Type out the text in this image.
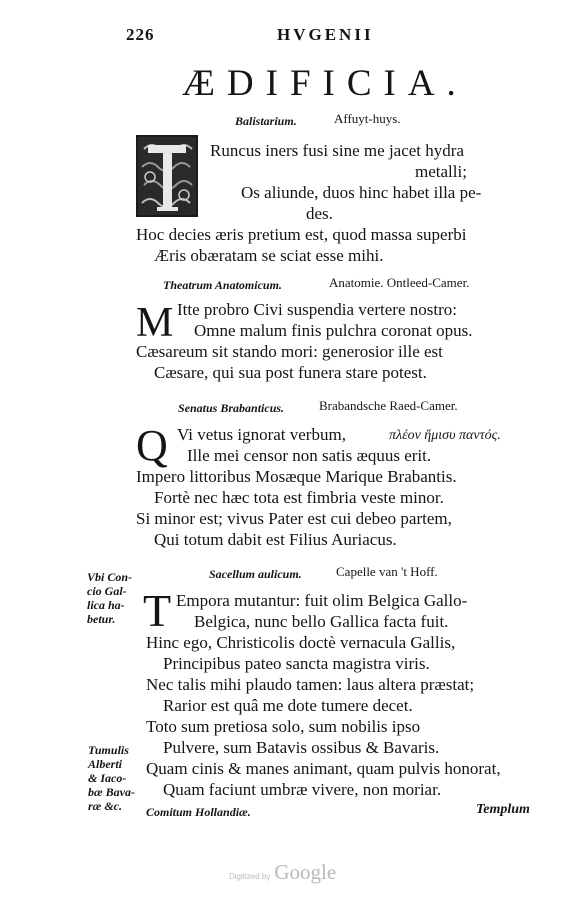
226	HVGENII
ÆDIFICIA.
Balistarium.	Affuyt-huys.
Runcus iners fusi sine me jacet hydra
metalli;
Os aliunde, duos hinc habet illa pe-
des.
Hoc decies æris pretium est, quod massa superbi
Æris obæratam se sciat esse mihi.
Theatrum Anatomicum.	Anatomie. Ontleed-Camer.
M Itte probro Civi suspendia vertere nostro:
Omne malum finis pulchra coronat opus.
Cæsareum sit stando mori: generosior ille est
Cæsare, qui sua post funera stare potest.
Senatus Brabanticus.	Brabandsche Raed-Camer.
Q Vi vetus ignorat verbum,	πλέον ἥμισυ παντός.
Ille mei censor non satis æquus erit.
Impero littoribus Mosæque Marique Brabantis.
Fortè nec hæc tota est fimbria veste minor.
Si minor est; vivus Pater est cui debeo partem,
Qui totum dabit est Filius Auriacus.
Sacellum aulicum.	Capelle van 't Hoff.
T Empora mutantur: fuit olim Belgica Gallo-
Belgica, nunc bello Gallica facta fuit.
Hinc ego, Christicolis doctè vernacula Gallis,
Principibus pateo sancta magistra viris.
Nec talis mihi plaudo tamen: laus altera præstat;
Rarior est quâ me dote tumere decet.
Toto sum pretiosa solo, sum nobilis ipso
Pulvere, sum Batavis ossibus & Bavaris.
Quam cinis & manes animant, quam pulvis honorat,
Quam faciunt umbræ vivere, non moriar.
Comitum Hollandiæ.
Vbi Con-
cio Gal-
lica ha-
betur.
Tumulis
Alberti
& Iaco-
bæ Bava-
ræ &c.	Templum
Digitized by Google
